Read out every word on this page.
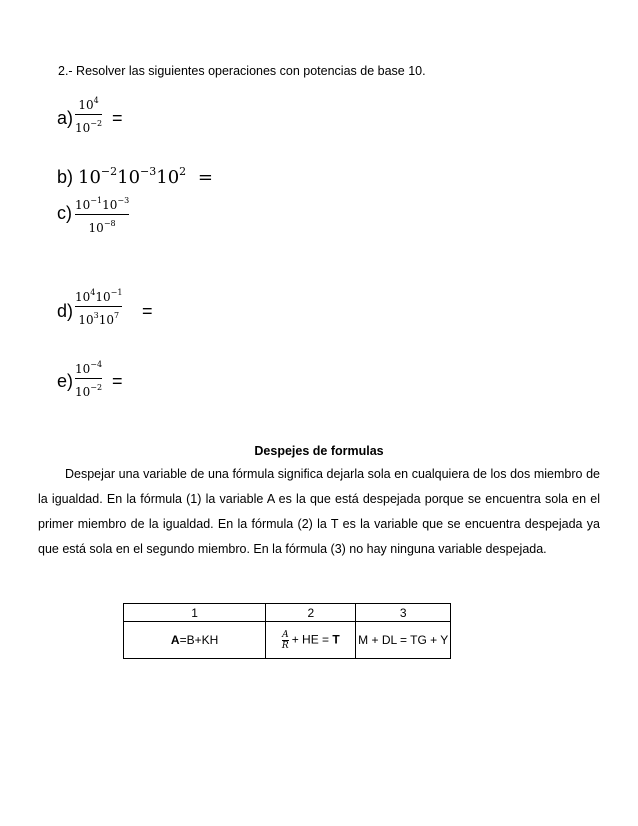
2.- Resolver las siguientes operaciones con potencias de base 10.
a)
$10^4$
$10^{-2}$ =
b) $10^{-2}10^{-3}10^2$ =
c) $10^{-1}10^{-3}$
$10^{-8}$
d)
$10^410^{-1}$
$10^310^7$ =
e)
$10^{-4}$
$10^{-2}$ =
Despejes de formulas

Despejar una variable de una fórmula significa dejarla sola en cualquiera de los dos miembro de la igualdad. En la fórmula (1) la variable A es la que está despejada porque se encuentra sola en el primer miembro de la igualdad. En la fórmula (2) la T es la variable que se encuentra despejada ya que está sola en el segundo miembro. En la fórmula (3) no hay ninguna variable despejada.

1	2	3
A=B+KH	$\frac{A}{R}$ + HE = T	M + DL = TG + Y
